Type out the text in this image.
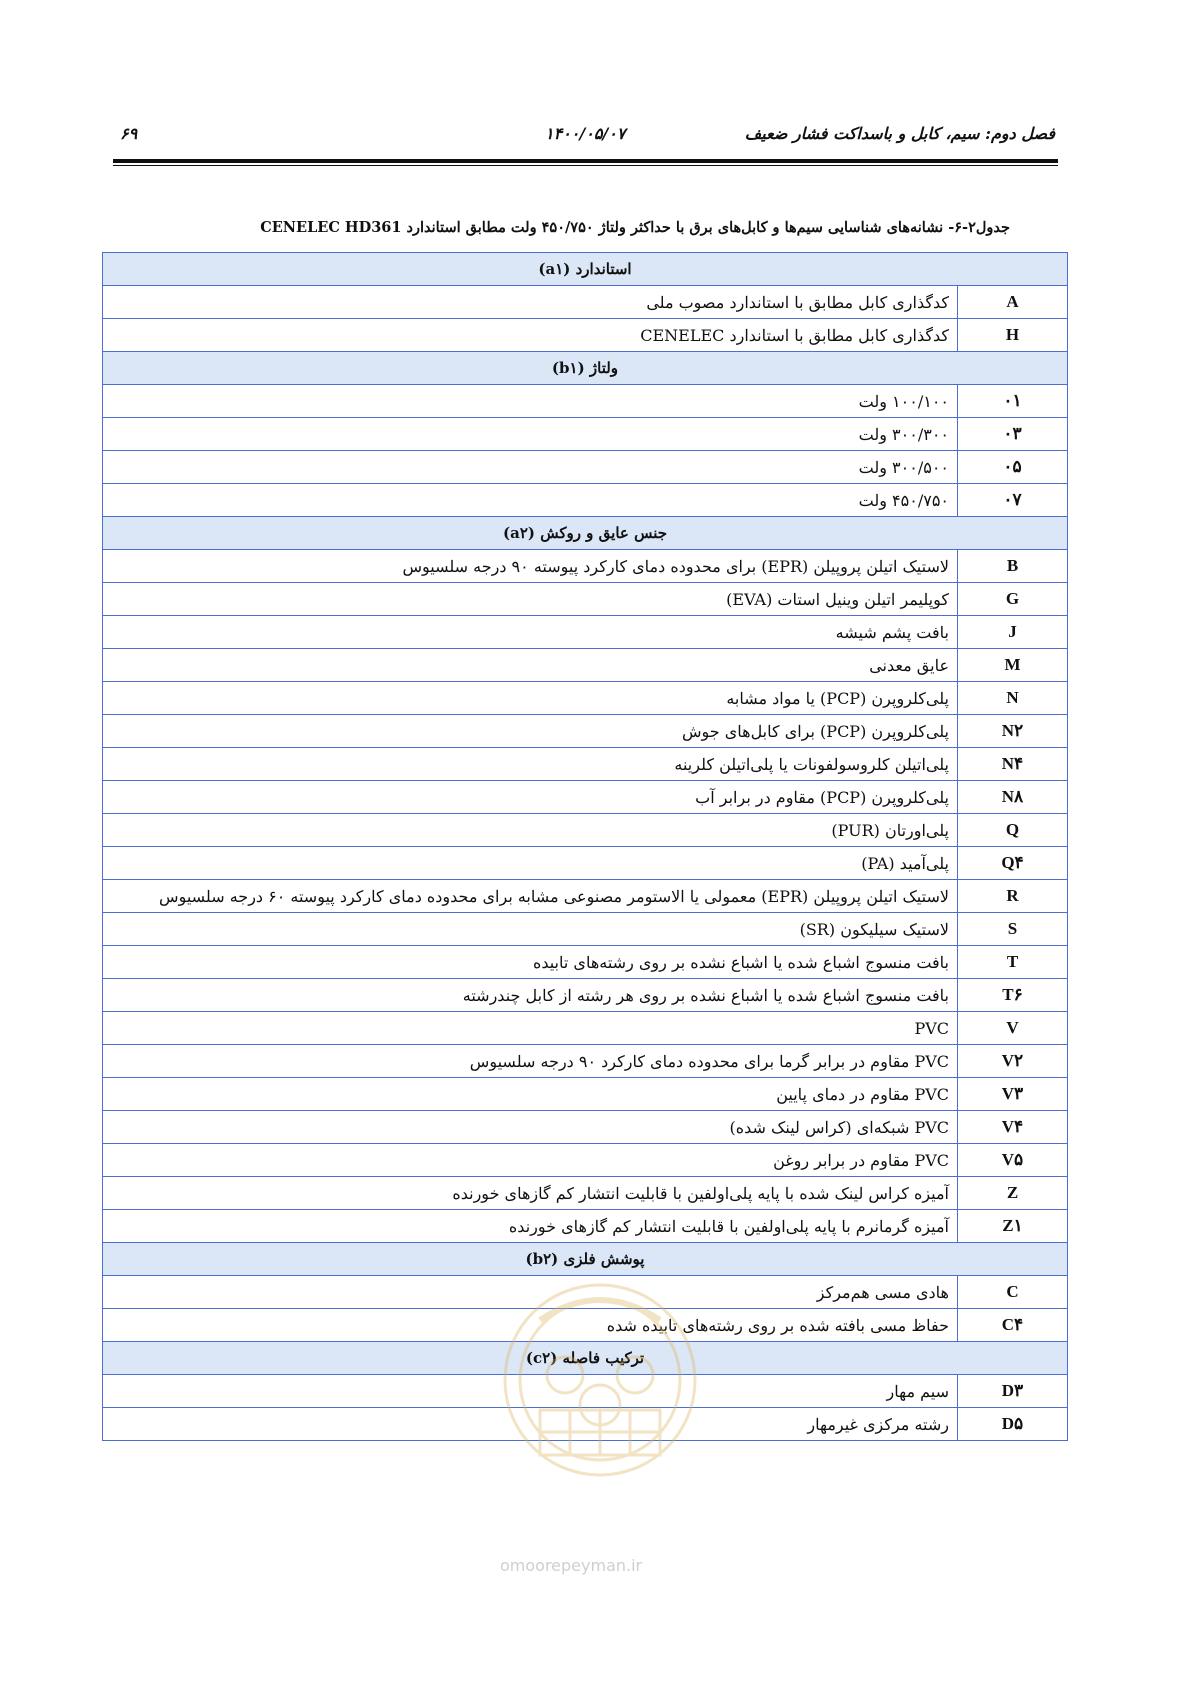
فصل دوم: سیم، کابل و باسداکت فشار ضعیف
۱۴۰۰/۰۵/۰۷
۶۹
جدول۲-۶- نشانه‌های شناسایی سیم‌ها و کابل‌های برق با حداکثر ولتاژ ۴۵۰/۷۵۰ ولت مطابق استاندارد CENELEC HD361
استاندارد (a۱)	
A	کدگذاری کابل مطابق با استاندارد مصوب ملی
H	کدگذاری کابل مطابق با استاندارد CENELEC
ولتاژ (b۱)	
۰۱	۱۰۰/۱۰۰ ولت
۰۳	۳۰۰/۳۰۰ ولت
۰۵	۳۰۰/۵۰۰ ولت
۰۷	۴۵۰/۷۵۰ ولت
جنس عایق و روکش (a۲)	
B	لاستیک اتیلن پروپیلن (EPR) برای محدوده دمای کارکرد پیوسته ۹۰ درجه سلسیوس
G	کوپلیمر اتیلن وینیل استات (EVA)
J	بافت پشم شیشه
M	عایق معدنی
N	پلی‌کلروپرن (PCP) یا مواد مشابه
N۲	پلی‌کلروپرن (PCP) برای کابل‌های جوش
N۴	پلی‌اتیلن کلروسولفونات یا پلی‌اتیلن کلرینه
N۸	پلی‌کلروپرن (PCP) مقاوم در برابر آب
Q	پلی‌اورتان (PUR)
Q۴	پلی‌آمید (PA)
R	لاستیک اتیلن پروپیلن (EPR) معمولی یا الاستومر مصنوعی مشابه برای محدوده دمای کارکرد پیوسته ۶۰ درجه سلسیوس
S	لاستیک سیلیکون (SR)
T	بافت منسوج اشباع شده یا اشباع نشده بر روی رشته‌های تابیده
T۶	بافت منسوج اشباع شده یا اشباع نشده بر روی هر رشته از کابل چندرشته
V	PVC
V۲	PVC مقاوم در برابر گرما برای محدوده دمای کارکرد ۹۰ درجه سلسیوس
V۳	PVC مقاوم در دمای پایین
V۴	PVC شبکه‌ای (کراس لینک شده)
V۵	PVC مقاوم در برابر روغن
Z	آمیزه کراس لینک شده با پایه پلی‌اولفین با قابلیت انتشار کم گازهای خورنده
Z۱	آمیزه گرمانرم با پایه پلی‌اولفین با قابلیت انتشار کم گازهای خورنده
پوشش فلزی (b۲)	
C	هادی مسی هم‌مرکز
C۴	حفاظ مسی بافته شده بر روی رشته‌های تابیده شده
ترکیب فاصله (c۲)	
D۳	سیم مهار
D۵	رشته مرکزی غیرمهار
omoorepeyman.ir
